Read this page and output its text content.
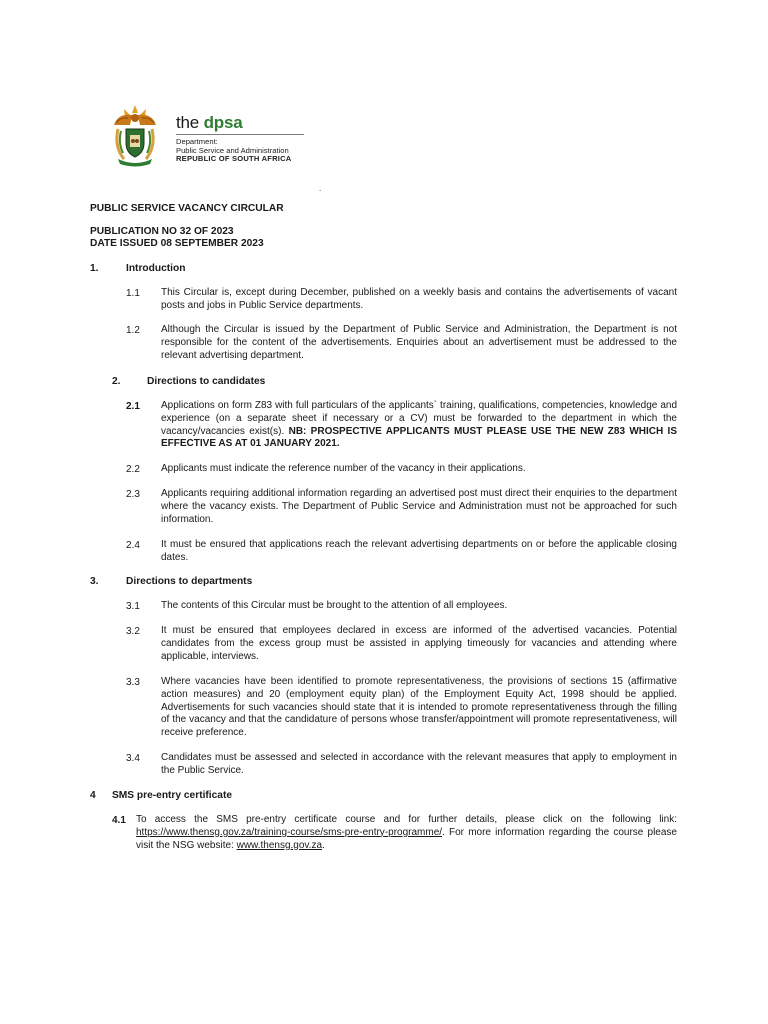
the dpsa
Department:
Public Service and Administration
REPUBLIC OF SOUTH AFRICA
.
PUBLIC SERVICE VACANCY CIRCULAR
PUBLICATION NO 32 OF 2023
DATE ISSUED 08 SEPTEMBER 2023
1.	Introduction
1.1 This Circular is, except during December, published on a weekly basis and contains the advertisements of vacant posts and jobs in Public Service departments.

1.2 Although the Circular is issued by the Department of Public Service and Administration, the Department is not responsible for the content of the advertisements. Enquiries about an advertisement must be addressed to the relevant advertising department.

2.	Directions to candidates
2.1 Applications on form Z83 with full particulars of the applicants` training, qualifications, competencies, knowledge and experience (on a separate sheet if necessary or a CV) must be forwarded to the department in which the vacancy/vacancies exist(s). NB: PROSPECTIVE APPLICANTS MUST PLEASE USE THE NEW Z83 WHICH IS EFFECTIVE AS AT 01 JANUARY 2021.

2.2 Applicants must indicate the reference number of the vacancy in their applications.

2.3 Applicants requiring additional information regarding an advertised post must direct their enquiries to the department where the vacancy exists. The Department of Public Service and Administration must not be approached for such information.

2.4 It must be ensured that applications reach the relevant advertising departments on or before the applicable closing dates.

3.	Directions to departments
3.1 The contents of this Circular must be brought to the attention of all employees.

3.2 It must be ensured that employees declared in excess are informed of the advertised vacancies. Potential candidates from the excess group must be assisted in applying timeously for vacancies and attending where applicable, interviews.

3.3 Where vacancies have been identified to promote representativeness, the provisions of sections 15 (affirmative action measures) and 20 (employment equity plan) of the Employment Equity Act, 1998 should be applied. Advertisements for such vacancies should state that it is intended to promote representativeness through the filling of the vacancy and that the candidature of persons whose transfer/appointment will promote representativeness, will receive preference.

3.4 Candidates must be assessed and selected in accordance with the relevant measures that apply to employment in the Public Service.

4 SMS pre-entry certificate
4.1 To access the SMS pre-entry certificate course and for further details, please click on the following link: https://www.thensg.gov.za/training-course/sms-pre-entry-programme/. For more information regarding the course please visit the NSG website: www.thensg.gov.za.
